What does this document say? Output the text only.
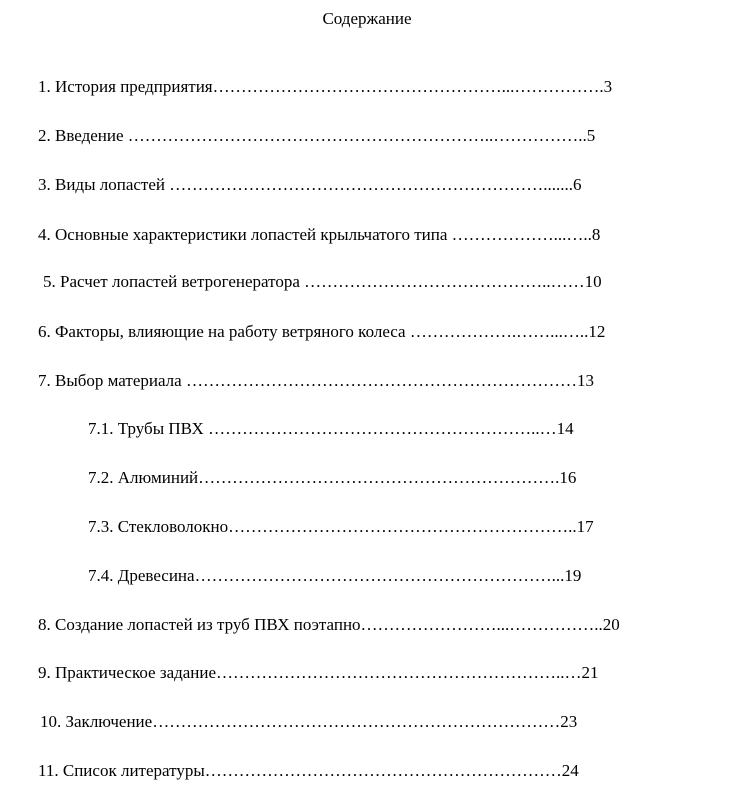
Содержание
1. История предприятия……………………………………………...…………….3
2. Введение ………………………………………………………..……………..5
3. Виды лопастей ………………………………………………………….......6
4. Основные характеристики лопастей крыльчатого типа ………………...…..8
5. Расчет лопастей ветрогенератора ……………………………………..……10
6. Факторы, влияющие на работу ветряного колеса ……………….……...…..12
7. Выбор материала ……………………………………………………………13
7.1. Трубы ПВХ …………………………………………………..…14
7.2. Алюминий……………………………………………………….16
7.3. Стекловолокно……………………………………………………..17
7.4. Древесина………………………………………………………...19
8. Создание лопастей из труб ПВХ поэтапно……………………...……………..20
9. Практическое задание……………………………………………………..…21
10. Заключение………………………………………………………………23
11. Список литературы………………………………………………………24
